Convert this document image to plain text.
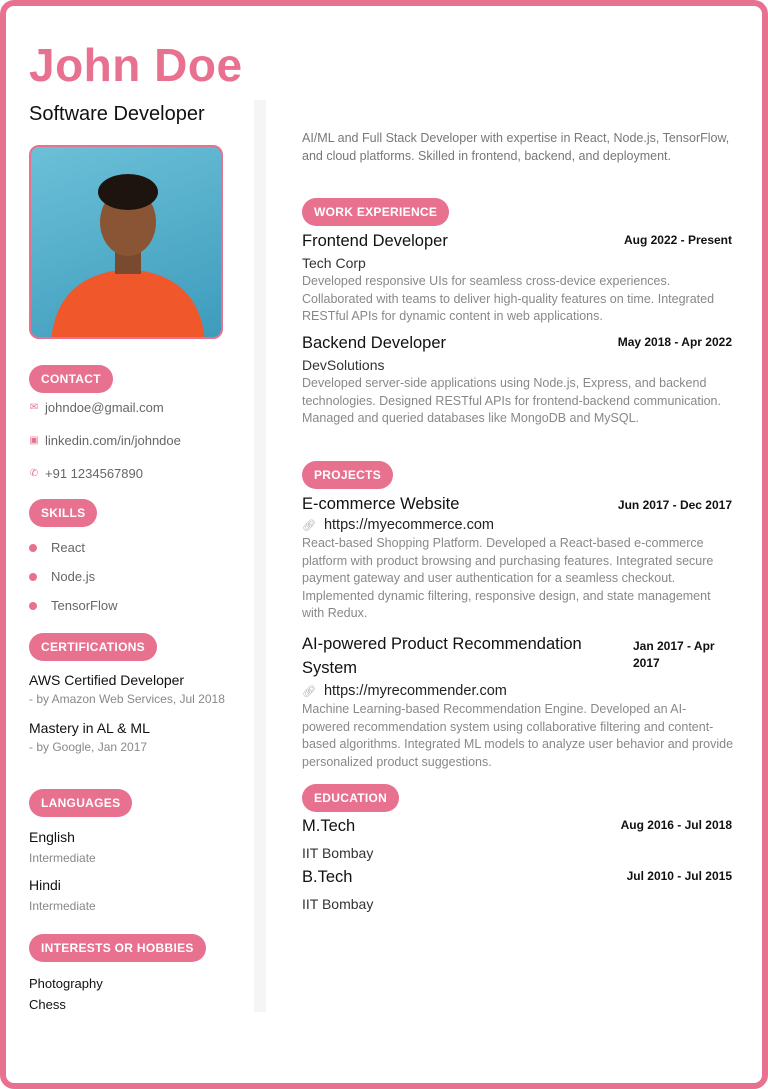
John Doe
Software Developer
CONTACT
✉ johndoe@gmail.com
▣ linkedin.com/in/johndoe
✆ +91 1234567890
SKILLS
React
Node.js
TensorFlow
CERTIFICATIONS
AWS Certified Developer
- by Amazon Web Services, Jul 2018
Mastery in AL & ML
- by Google, Jan 2017
LANGUAGES
English
Intermediate
Hindi
Intermediate
INTERESTS OR HOBBIES
Photography
Chess
AI/ML and Full Stack Developer with expertise in React, Node.js, TensorFlow, and cloud platforms. Skilled in frontend, backend, and deployment.
WORK EXPERIENCE
Frontend Developer	Aug 2022 - Present
Tech Corp
Developed responsive UIs for seamless cross-device experiences. Collaborated with teams to deliver high-quality features on time. Integrated RESTful APIs for dynamic content in web applications.
Backend Developer	May 2018 - Apr 2022
DevSolutions
Developed server-side applications using Node.js, Express, and backend technologies. Designed RESTful APIs for frontend-backend communication. Managed and queried databases like MongoDB and MySQL.
PROJECTS
E-commerce Website	Jun 2017 - Dec 2017
🔗︎ https://myecommerce.com
React-based Shopping Platform. Developed a React-based e-commerce platform with product browsing and purchasing features. Integrated secure payment gateway and user authentication for a seamless checkout. Implemented dynamic filtering, responsive design, and state management with Redux.
AI-powered Product Recommendation System
Jan 2017 - Apr 2017
🔗︎ https://myrecommender.com
Machine Learning-based Recommendation Engine. Developed an AI-powered recommendation system using collaborative filtering and content-based algorithms. Integrated ML models to analyze user behavior and provide personalized product suggestions.
EDUCATION
M.Tech	Aug 2016 - Jul 2018
IIT Bombay
B.Tech	Jul 2010 - Jul 2015
IIT Bombay
